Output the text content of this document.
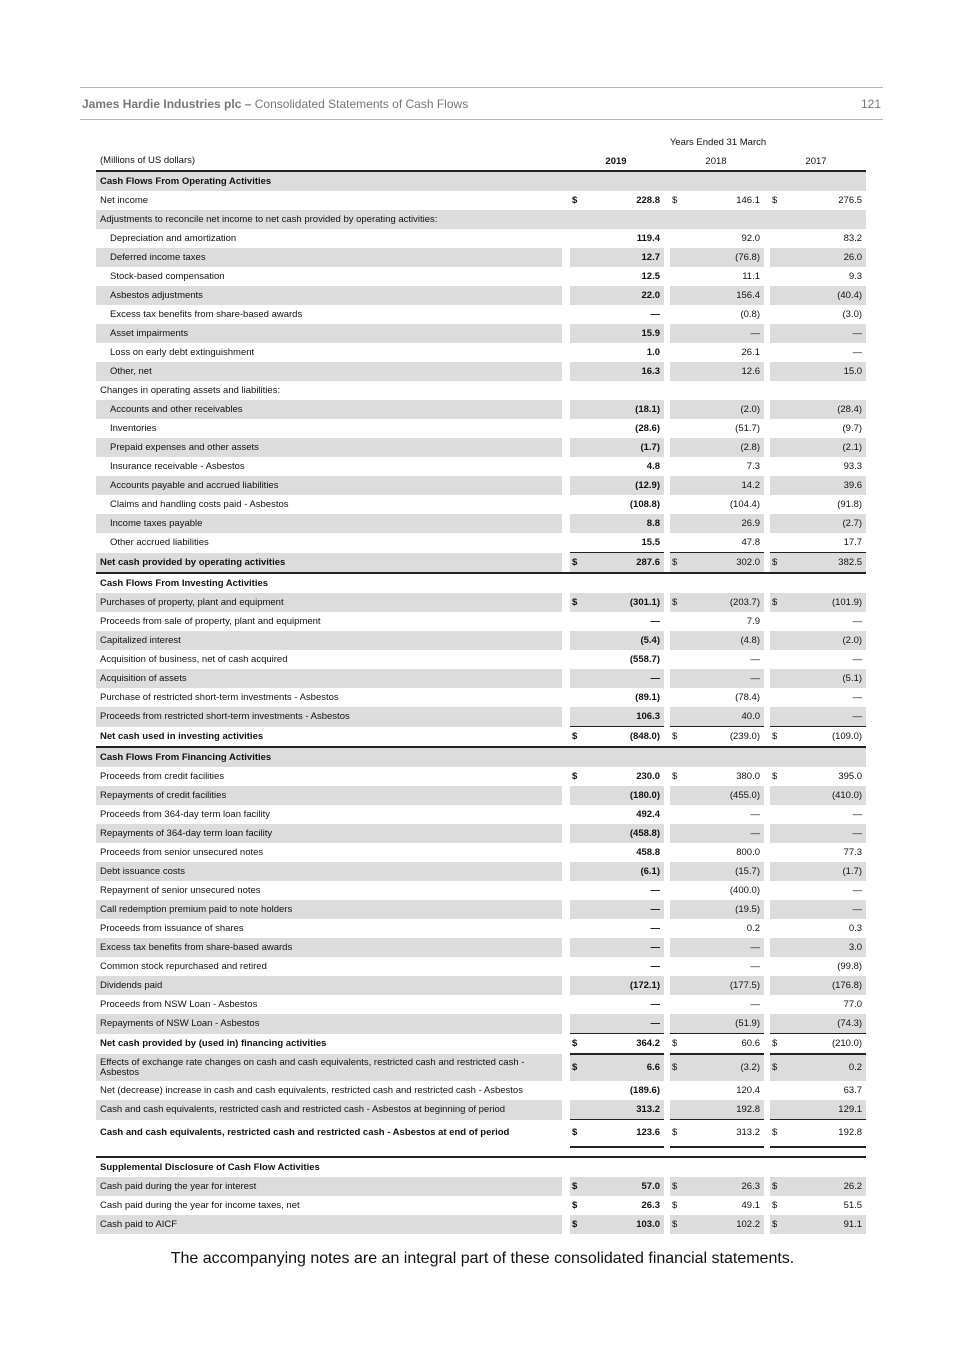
James Hardie Industries plc – Consolidated Statements of Cash Flows	121
Years Ended 31 March
(Millions of US dollars)	2019	2018	2017
Cash Flows From Operating Activities									
Net income		$	228.8		$	146.1		$	276.5
Adjustments to reconcile net income to net cash provided by operating activities:									
Depreciation and amortization			119.4			92.0			83.2
Deferred income taxes			12.7			(76.8)			26.0
Stock-based compensation			12.5			11.1			9.3
Asbestos adjustments			22.0			156.4			(40.4)
Excess tax benefits from share-based awards			—			(0.8)			(3.0)
Asset impairments			15.9			—			—
Loss on early debt extinguishment			1.0			26.1			—
Other, net			16.3			12.6			15.0
Changes in operating assets and liabilities:									
Accounts and other receivables			(18.1)			(2.0)			(28.4)
Inventories			(28.6)			(51.7)			(9.7)
Prepaid expenses and other assets			(1.7)			(2.8)			(2.1)
Insurance receivable - Asbestos			4.8			7.3			93.3
Accounts payable and accrued liabilities			(12.9)			14.2			39.6
Claims and handling costs paid - Asbestos			(108.8)			(104.4)			(91.8)
Income taxes payable			8.8			26.9			(2.7)
Other accrued liabilities			15.5			47.8			17.7
Net cash provided by operating activities		$	287.6		$	302.0		$	382.5
Cash Flows From Investing Activities									
Purchases of property, plant and equipment		$	(301.1)		$	(203.7)		$	(101.9)
Proceeds from sale of property, plant and equipment			—			7.9			—
Capitalized interest			(5.4)			(4.8)			(2.0)
Acquisition of business, net of cash acquired			(558.7)			—			—
Acquisition of assets			—			—			(5.1)
Purchase of restricted short-term investments - Asbestos			(89.1)			(78.4)			—
Proceeds from restricted short-term investments - Asbestos			106.3			40.0			—
Net cash used in investing activities		$	(848.0)		$	(239.0)		$	(109.0)
Cash Flows From Financing Activities									
Proceeds from credit facilities		$	230.0		$	380.0		$	395.0
Repayments of credit facilities			(180.0)			(455.0)			(410.0)
Proceeds from 364-day term loan facility			492.4			—			—
Repayments of 364-day term loan facility			(458.8)			—			—
Proceeds from senior unsecured notes			458.8			800.0			77.3
Debt issuance costs			(6.1)			(15.7)			(1.7)
Repayment of senior unsecured notes			—			(400.0)			—
Call redemption premium paid to note holders			—			(19.5)			—
Proceeds from issuance of shares			—			0.2			0.3
Excess tax benefits from share-based awards			—			—			3.0
Common stock repurchased and retired			—			—			(99.8)
Dividends paid			(172.1)			(177.5)			(176.8)
Proceeds from NSW Loan - Asbestos			—			—			77.0
Repayments of NSW Loan - Asbestos			—			(51.9)			(74.3)
Net cash provided by (used in) financing activities		$	364.2		$	60.6		$	(210.0)
Effects of exchange rate changes on cash and cash equivalents, restricted cash and restricted cash - Asbestos		$	6.6		$	(3.2)		$	0.2
Net (decrease) increase in cash and cash equivalents, restricted cash and restricted cash - Asbestos			(189.6)			120.4			63.7
Cash and cash equivalents, restricted cash and restricted cash - Asbestos at beginning of period			313.2			192.8			129.1
Cash and cash equivalents, restricted cash and restricted cash - Asbestos at end of period		$	123.6		$	313.2		$	192.8

Supplemental Disclosure of Cash Flow Activities									
Cash paid during the year for interest		$	57.0		$	26.3		$	26.2
Cash paid during the year for income taxes, net		$	26.3		$	49.1		$	51.5
Cash paid to AICF		$	103.0		$	102.2		$	91.1
The accompanying notes are an integral part of these consolidated financial statements.
